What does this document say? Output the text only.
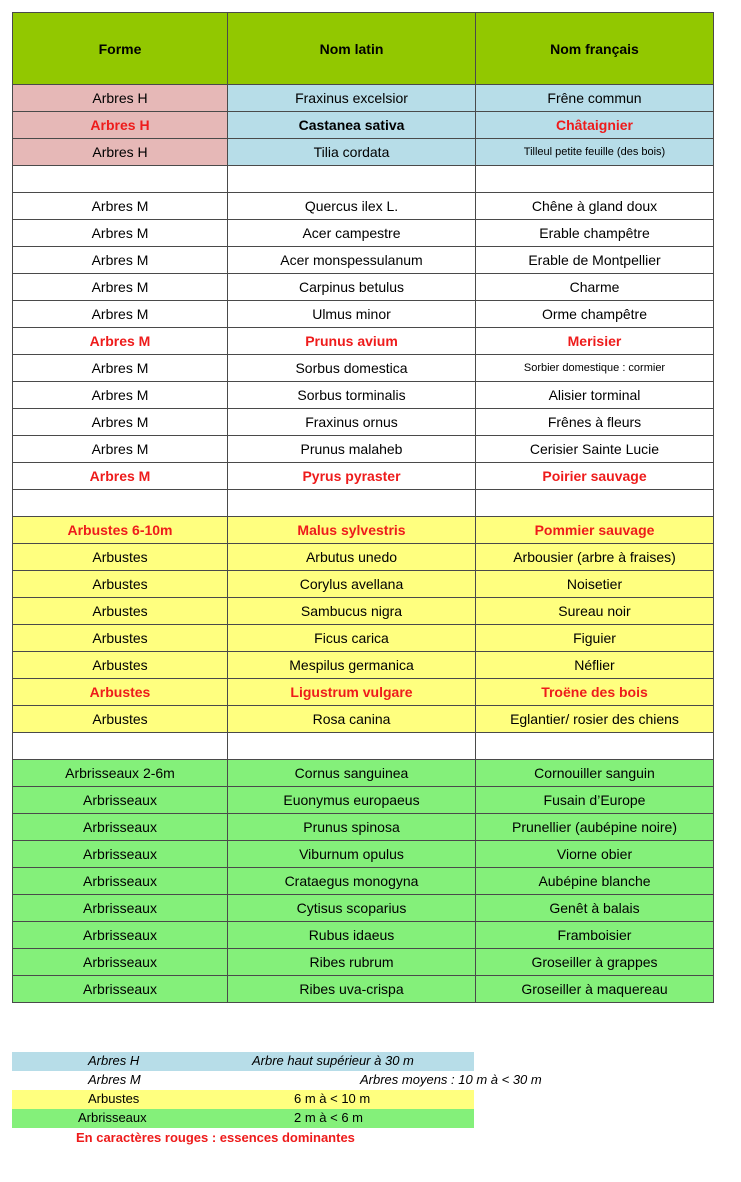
Forme	Nom latin	Nom français
Arbres H	Fraxinus excelsior	Frêne commun
Arbres H	Castanea sativa	Châtaignier
Arbres H	Tilia cordata	Tilleul petite feuille (des bois)

Arbres M	Quercus ilex L.	Chêne à gland doux
Arbres M	Acer campestre	Erable champêtre
Arbres M	Acer monspessulanum	Erable de Montpellier
Arbres M	Carpinus betulus	Charme
Arbres M	Ulmus minor	Orme champêtre
Arbres M	Prunus avium	Merisier
Arbres M	Sorbus domestica	Sorbier domestique : cormier
Arbres M	Sorbus torminalis	Alisier torminal
Arbres M	Fraxinus ornus	Frênes à fleurs
Arbres M	Prunus malaheb	Cerisier Sainte Lucie
Arbres M	Pyrus pyraster	Poirier sauvage

Arbustes 6-10m	Malus sylvestris	Pommier sauvage
Arbustes	Arbutus unedo	Arbousier (arbre à fraises)
Arbustes	Corylus avellana	Noisetier
Arbustes	Sambucus nigra	Sureau noir
Arbustes	Ficus carica	Figuier
Arbustes	Mespilus germanica	Néflier
Arbustes	Ligustrum vulgare	Troëne des bois
Arbustes	Rosa canina	Eglantier/ rosier des chiens

Arbrisseaux 2-6m	Cornus sanguinea	Cornouiller sanguin
Arbrisseaux	Euonymus europaeus	Fusain d’Europe
Arbrisseaux	Prunus spinosa	Prunellier (aubépine noire)
Arbrisseaux	Viburnum opulus	Viorne obier
Arbrisseaux	Crataegus monogyna	Aubépine blanche
Arbrisseaux	Cytisus scoparius	Genêt à balais
Arbrisseaux	Rubus idaeus	Framboisier
Arbrisseaux	Ribes rubrum	Groseiller à grappes
Arbrisseaux	Ribes uva-crispa	Groseiller à maquereau
Arbres H	Arbre haut supérieur à 30 m
Arbres M	Arbres moyens : 10 m à < 30 m
Arbustes	6 m à < 10 m
Arbrisseaux	2 m à < 6 m
En caractères rouges : essences dominantes
